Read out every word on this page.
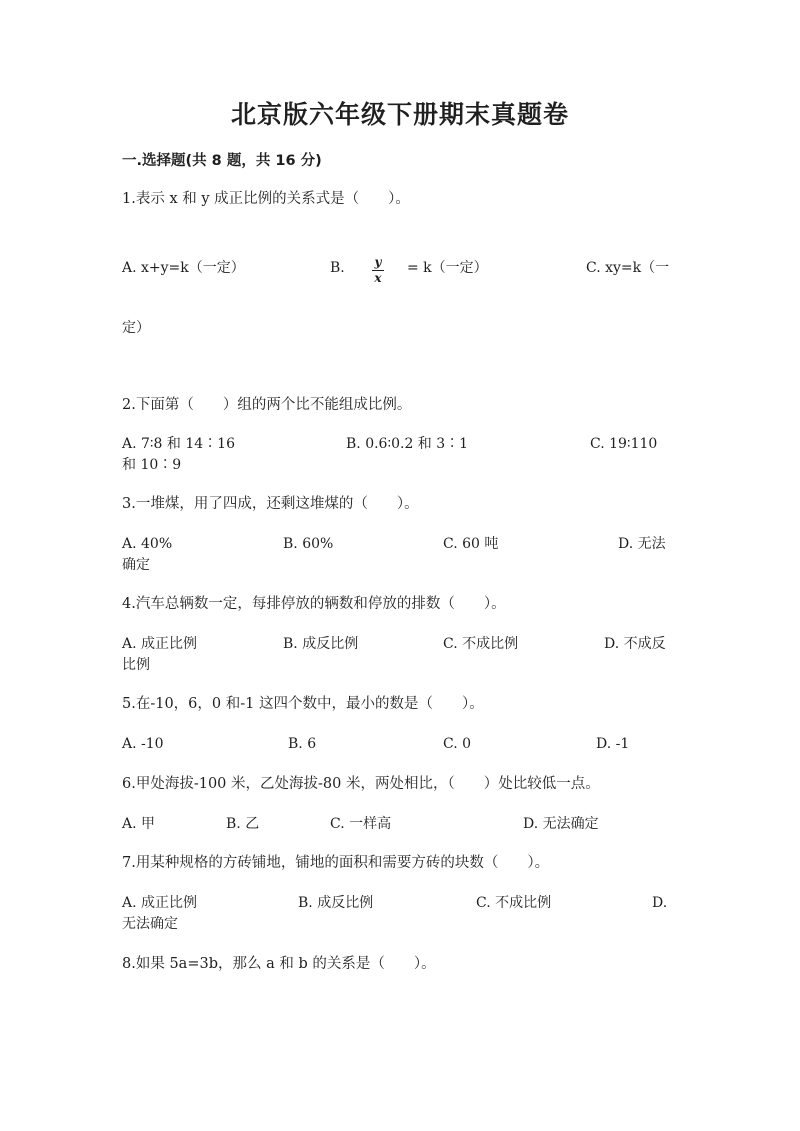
北京版六年级下册期末真题卷
一.选择题(共 8 题，共 16 分)
1.表示 x 和 y 成正比例的关系式是（　　）。
A. x+y=k（一定）	B. y
x
= k（一定）	C. xy=k（一
定）
2.下面第（　　）组的两个比不能组成比例。
A. 7∶8 和 14∶16	B. 0.6∶0.2 和 3∶1	C. 19∶110
和 10∶9
3.一堆煤，用了四成，还剩这堆煤的（　　）。
A. 40%	B. 60%	C. 60 吨	D. 无法
确定
4.汽车总辆数一定，每排停放的辆数和停放的排数（　　）。
A. 成正比例	B. 成反比例	C. 不成比例	D. 不成反
比例
5.在-10，6，0 和-1 这四个数中，最小的数是（　　）。
A. -10	B. 6	C. 0	D. -1
6.甲处海拔-100 米，乙处海拔-80 米，两处相比，（　　）处比较低一点。
A. 甲	B. 乙	C. 一样高	D. 无法确定
7.用某种规格的方砖铺地，铺地的面积和需要方砖的块数（　　）。
A. 成正比例	B. 成反比例	C. 不成比例	D.
无法确定
8.如果 5a=3b，那么 a 和 b 的关系是（　　）。
